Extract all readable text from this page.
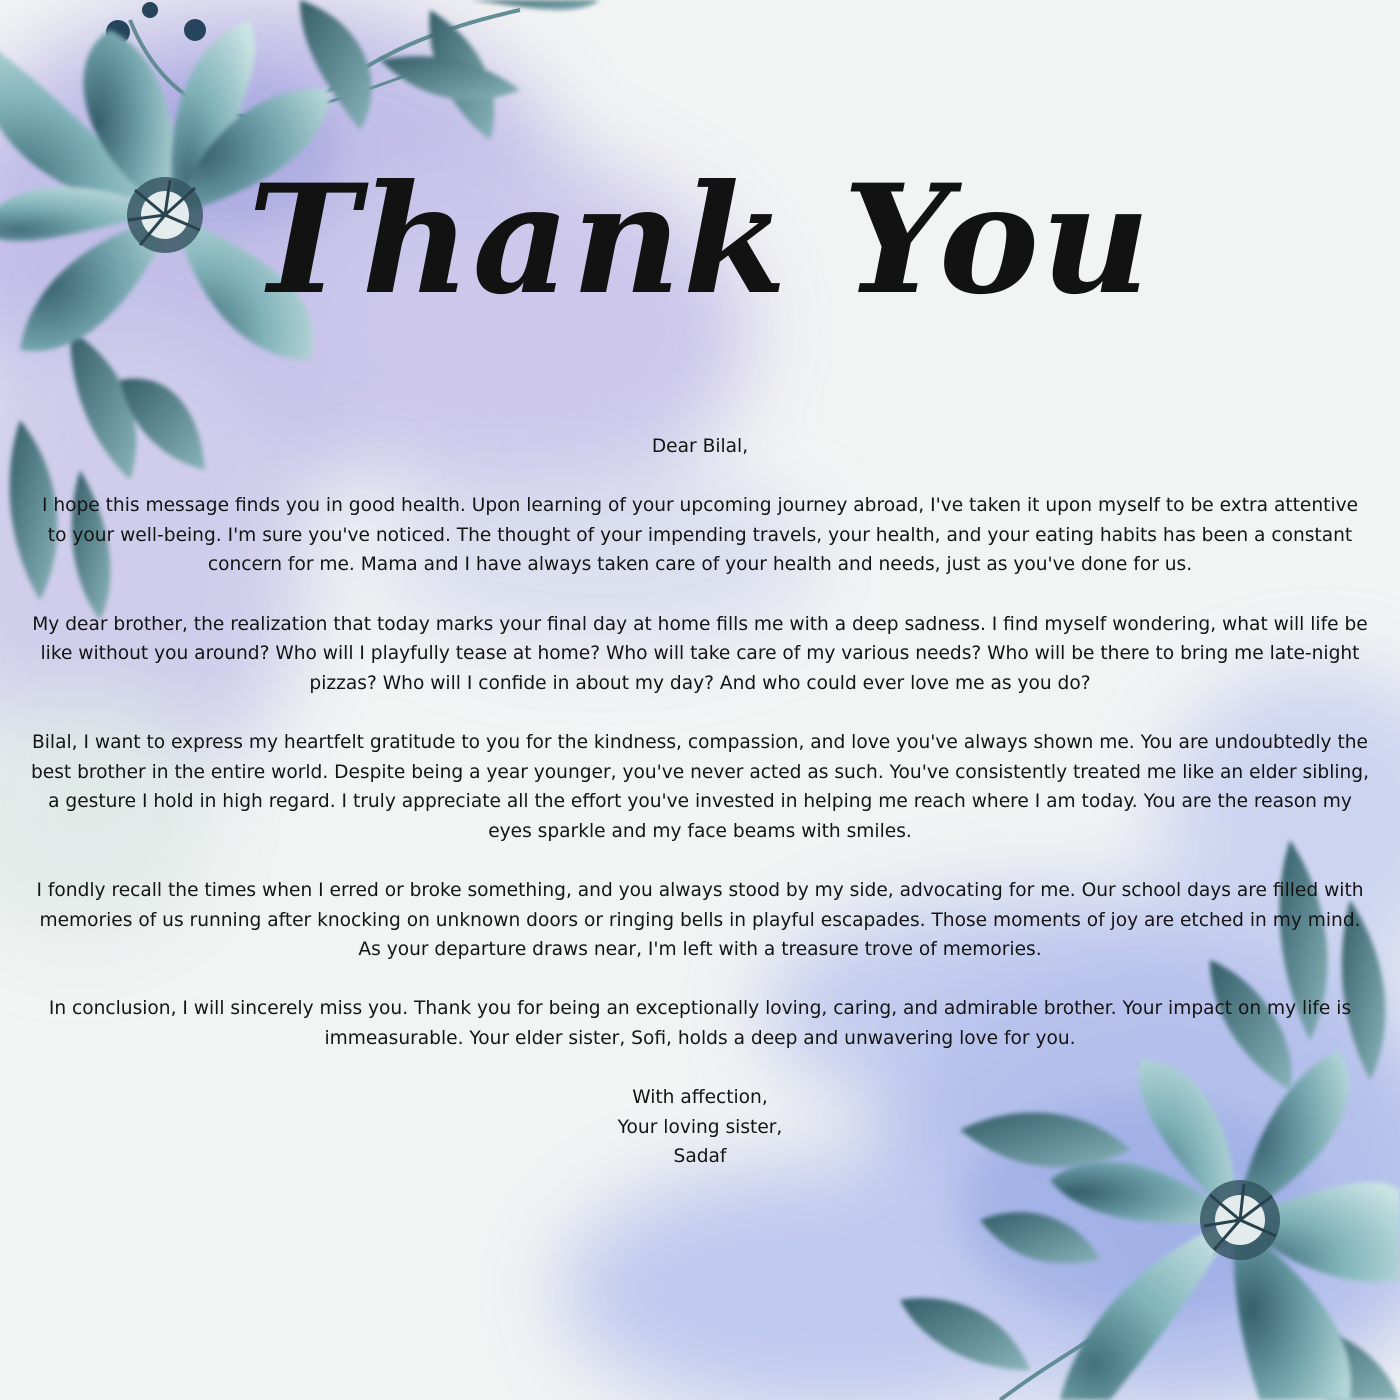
Thank You

Dear Bilal,

I hope this message finds you in good health. Upon learning of your upcoming journey abroad, I've taken it upon myself to be extra attentive to your well-being. I'm sure you've noticed. The thought of your impending travels, your health, and your eating habits has been a constant concern for me. Mama and I have always taken care of your health and needs, just as you've done for us.

My dear brother, the realization that today marks your final day at home fills me with a deep sadness. I find myself wondering, what will life be like without you around? Who will I playfully tease at home? Who will take care of my various needs? Who will be there to bring me late-night pizzas? Who will I confide in about my day? And who could ever love me as you do?

Bilal, I want to express my heartfelt gratitude to you for the kindness, compassion, and love you've always shown me. You are undoubtedly the best brother in the entire world. Despite being a year younger, you've never acted as such. You've consistently treated me like an elder sibling, a gesture I hold in high regard. I truly appreciate all the effort you've invested in helping me reach where I am today. You are the reason my eyes sparkle and my face beams with smiles.

I fondly recall the times when I erred or broke something, and you always stood by my side, advocating for me. Our school days are filled with memories of us running after knocking on unknown doors or ringing bells in playful escapades. Those moments of joy are etched in my mind. As your departure draws near, I'm left with a treasure trove of memories.

In conclusion, I will sincerely miss you. Thank you for being an exceptionally loving, caring, and admirable brother. Your impact on my life is immeasurable. Your elder sister, Sofi, holds a deep and unwavering love for you.

With affection,
Your loving sister,
Sadaf
